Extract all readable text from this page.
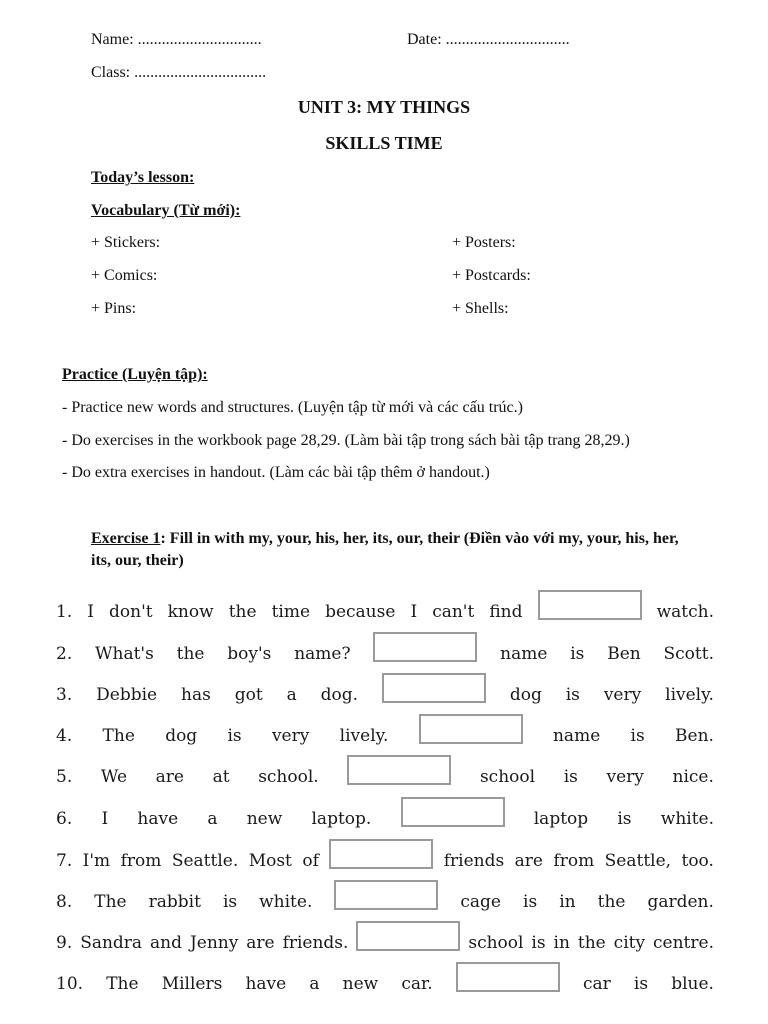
Name: ...............................	Date: ...............................
Class: .................................
UNIT 3: MY THINGS
SKILLS TIME
Today’s lesson:
Vocabulary (Từ mới):
+ Stickers:
+ Comics:
+ Pins:
+ Posters:
+ Postcards:
+ Shells:
Practice (Luyện tập):
- Practice new words and structures. (Luyện tập từ mới và các cấu trúc.)
- Do exercises in the workbook page 28,29. (Làm bài tập trong sách bài tập trang 28,29.)
- Do extra exercises in handout. (Làm các bài tập thêm ở handout.)
Exercise 1: Fill in with my, your, his, her, its, our, their (Điền vào với my, your, his, her, its, our, their)
1. I don't know the time because I can't find	watch.
2. What's the boy's name?	name is Ben Scott.
3. Debbie has got a dog.	dog is very lively.
4. The dog is very lively.	name is Ben.
5. We are at school.	school is very nice.
6. I have a new laptop.	laptop is white.
7. I'm from Seattle. Most of	friends are from Seattle, too.
8. The rabbit is white.	cage is in the garden.
9. Sandra and Jenny are friends.	school is in the city centre.
10. The Millers have a new car.	car is blue.
